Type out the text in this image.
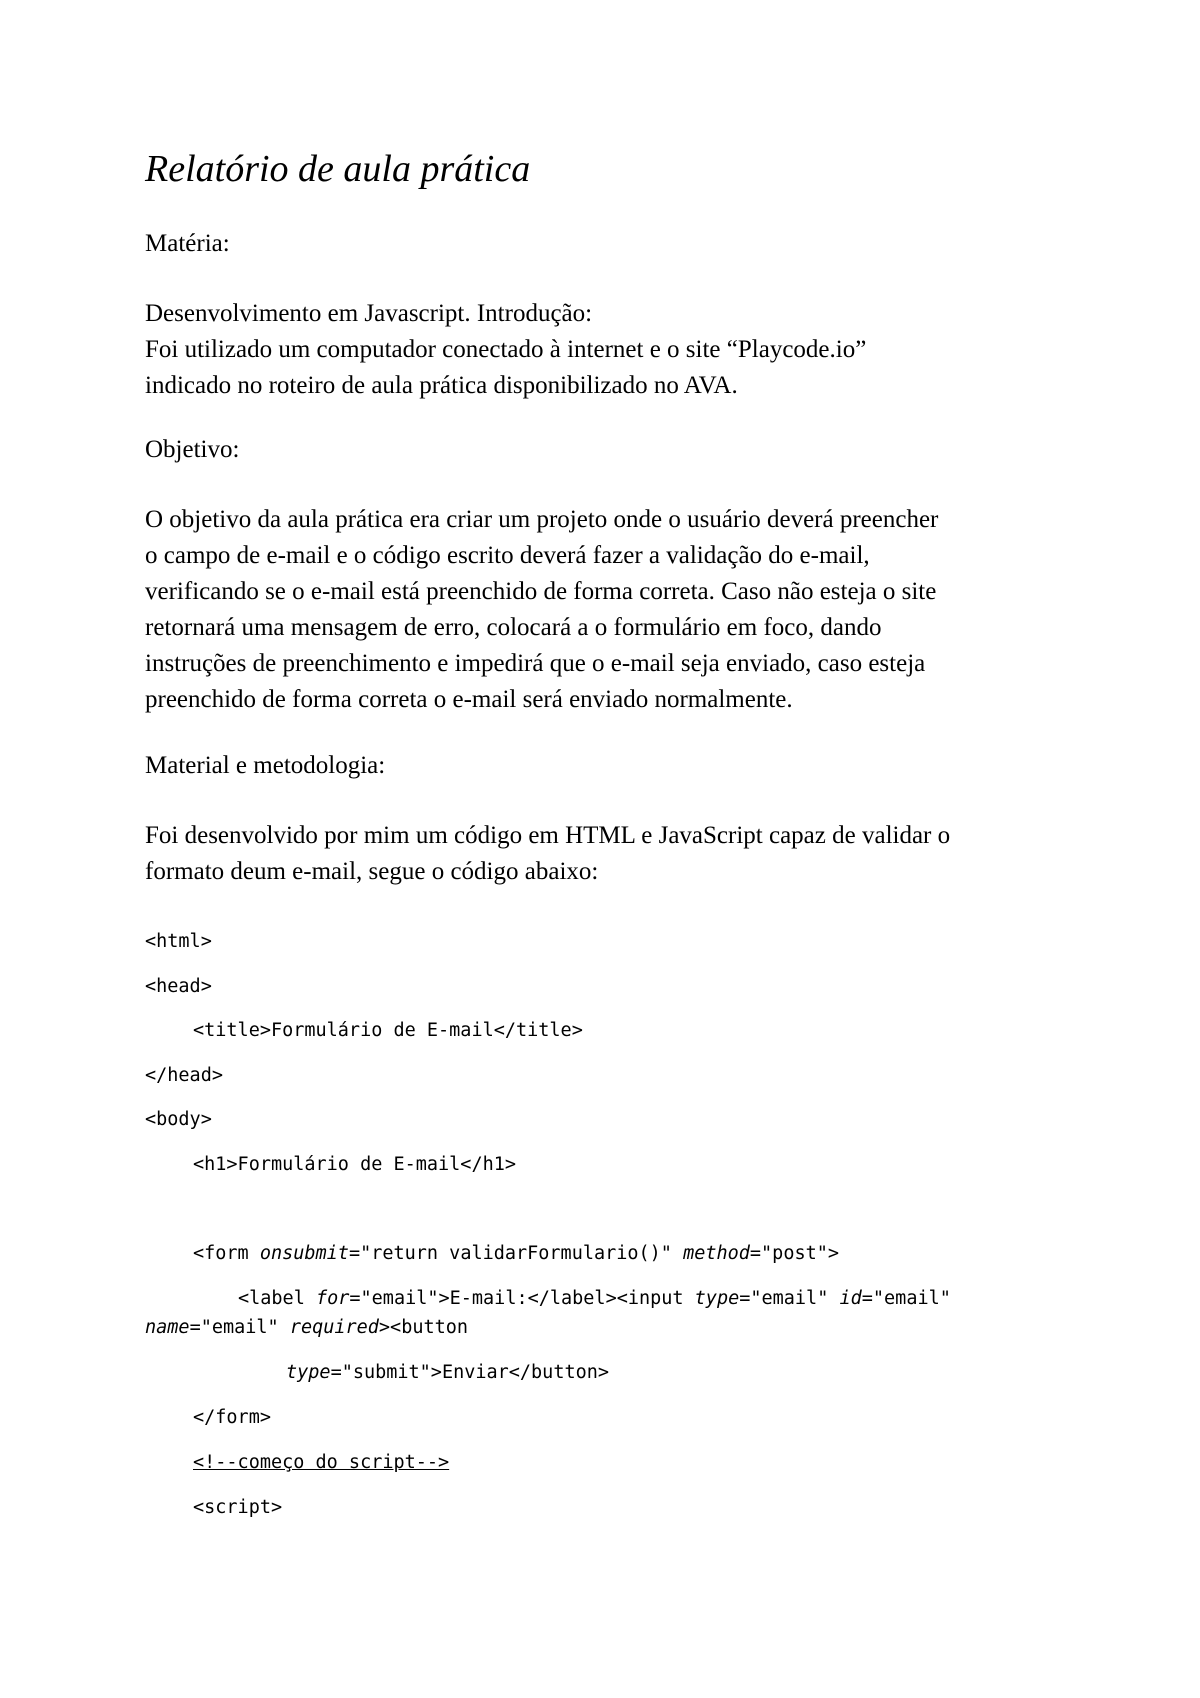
Relatório de aula prática

Matéria:

Desenvolvimento em Javascript. Introdução:

Foi utilizado um computador conectado à internet e o site “Playcode.io”

indicado no roteiro de aula prática disponibilizado no AVA.

Objetivo:

O objetivo da aula prática era criar um projeto onde o usuário deverá preencher

o campo de e-mail e o código escrito deverá fazer a validação do e-mail,

verificando se o e-mail está preenchido de forma correta. Caso não esteja o site

retornará uma mensagem de erro, colocará a o formulário em foco, dando

instruções de preenchimento e impedirá que o e-mail seja enviado, caso esteja

preenchido de forma correta o e-mail será enviado normalmente.

Material e metodologia:

Foi desenvolvido por mim um código em HTML e JavaScript capaz de validar o

formato deum e-mail, segue o código abaixo:

<html>
<head>
<title>Formulário de E-mail</title>
</head>
<body>
<h1>Formulário de E-mail</h1>
<form onsubmit="return validarFormulario()" method="post">
<label for="email">E-mail:</label><input type="email" id="email"
name="email" required><button
type="submit">Enviar</button>
</form>
<!--começo do script-->
<script>
